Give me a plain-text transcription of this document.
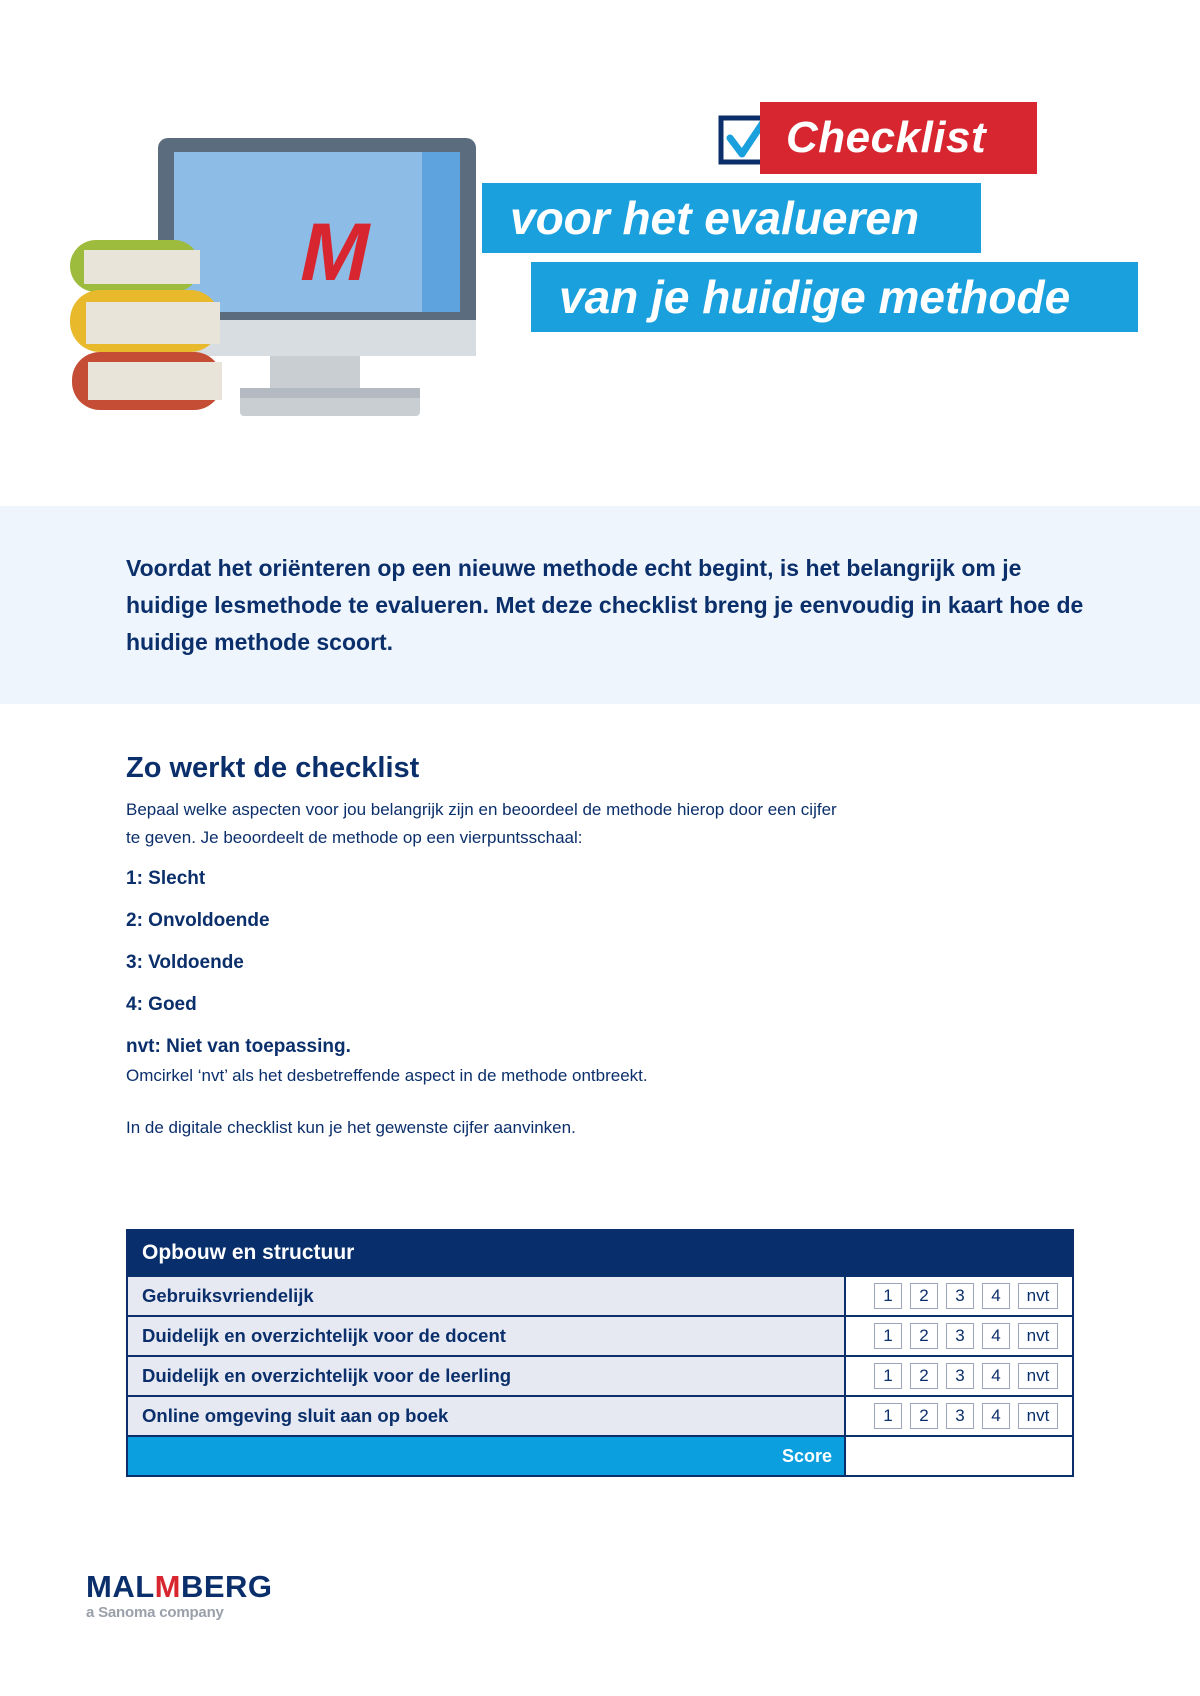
M
Checklist
voor het evalueren
van je huidige methode

Voordat het oriënteren op een nieuwe methode echt begint, is het belangrijk om je huidige lesmethode te evalueren. Met deze checklist breng je eenvoudig in kaart hoe de huidige methode scoort.

Zo werkt de checklist

Bepaal welke aspecten voor jou belangrijk zijn en beoordeel de methode hierop door een cijfer te geven. Je beoordeelt de methode op een vierpuntsschaal:

1: Slecht
2: Onvoldoende
3: Voldoende
4: Goed
nvt: Niet van toepassing.
Omcirkel ‘nvt’ als het desbetreffende aspect in de methode ontbreekt.
In de digitale checklist kun je het gewenste cijfer aanvinken.
Opbouw en structuur
Gebruiksvriendelijk	1	2	3	4	nvt
Duidelijk en overzichtelijk voor de docent	1	2	3	4	nvt
Duidelijk en overzichtelijk voor de leerling	1	2	3	4	nvt
Online omgeving sluit aan op boek	1	2	3	4	nvt
Score
MAL M BERG
a Sanoma company
